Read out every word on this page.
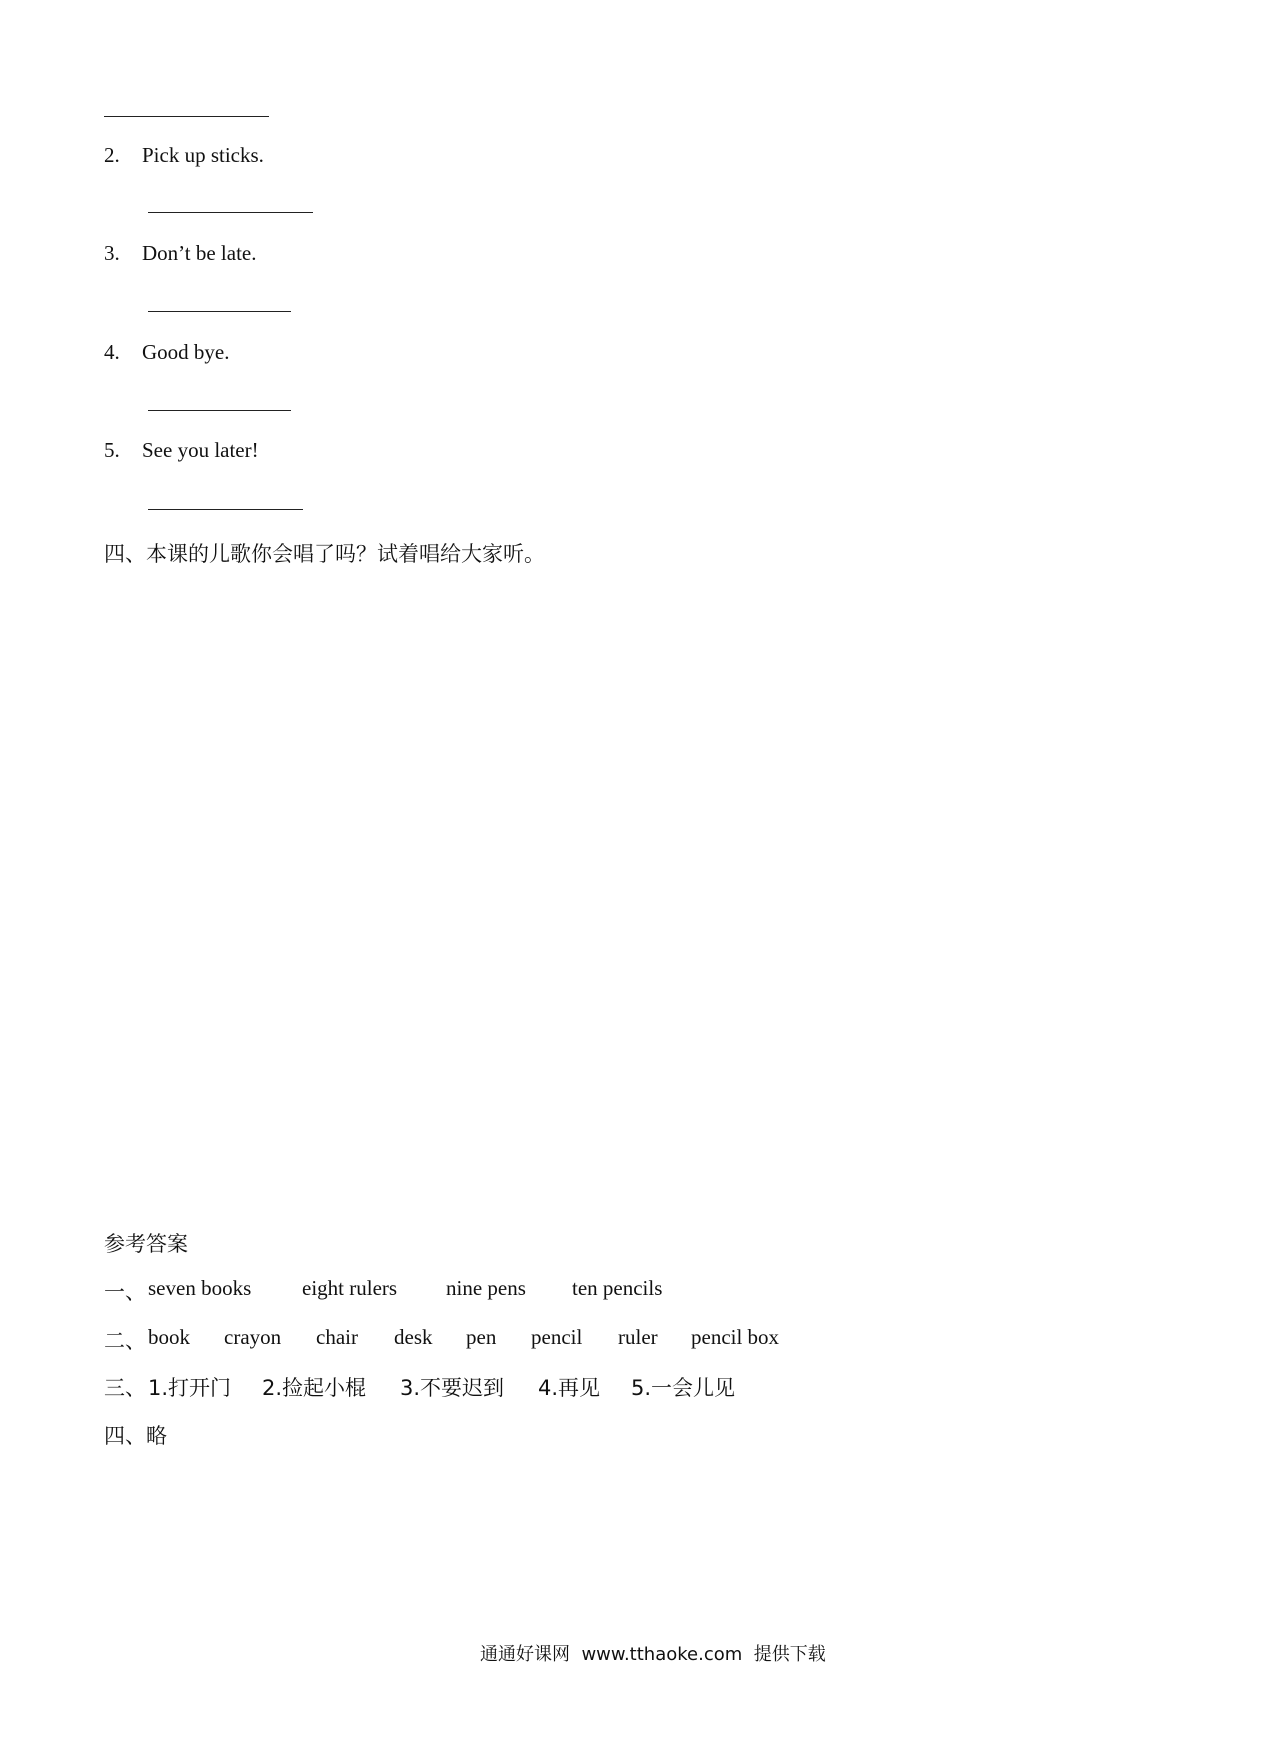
2. Pick up sticks.
3. Don’t be late.
4. Good bye.
5. See you later!
四、本课的儿歌你会唱了吗？试着唱给大家听。
参考答案
一、 seven books eight rulers nine pens ten pencils
二、 book crayon chair desk pen pencil ruler pencil box
三、 1.打开门 2.捡起小棍 3.不要迟到 4.再见 5.一会儿见
四、略
通通好课网  www.tthaoke.com  提供下载
